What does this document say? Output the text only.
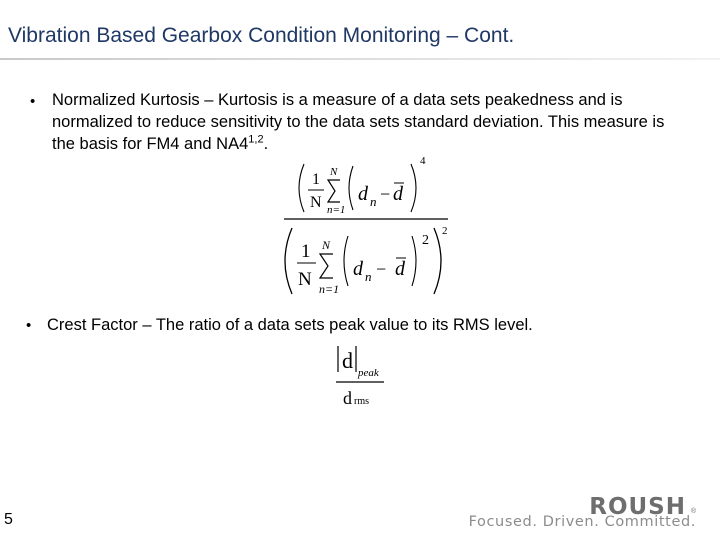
Vibration Based Gearbox Condition Monitoring – Cont.
• Normalized Kurtosis – Kurtosis is a measure of a data sets peakedness and is normalized to reduce sensitivity to the data sets standard deviation. This measure is the basis for FM4 and NA4$^{1,2}$.
1
N
N
n=1
d n − d
4
1
N
N
n=1
d n − d
2
2
• Crest Factor – The ratio of a data sets peak value to its RMS level.
d peak
d rms
5	ROUSH ®
Focused. Driven. Committed.
